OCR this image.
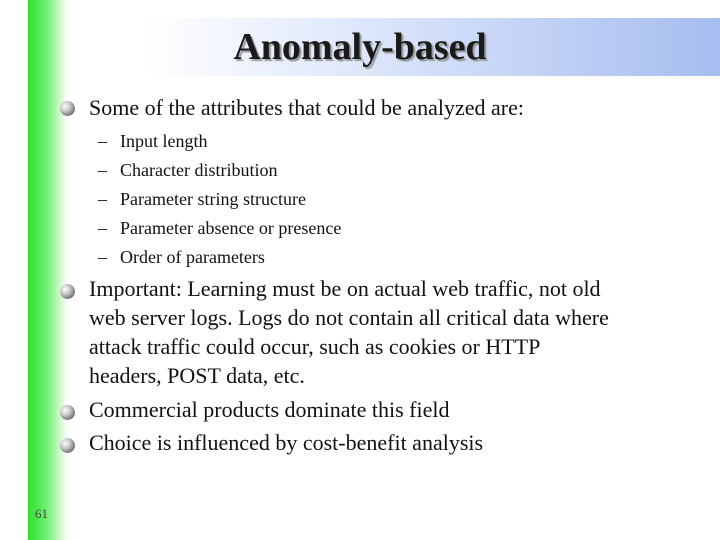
Anomaly-based

Some of the attributes that could be analyzed are:

– Input length
– Character distribution
– Parameter string structure
– Parameter absence or presence
– Order of parameters

Important: Learning must be on actual web traffic, not old

web server logs. Logs do not contain all critical data where

attack traffic could occur, such as cookies or HTTP

headers, POST data, etc.

Commercial products dominate this field

Choice is influenced by cost-benefit analysis

61
